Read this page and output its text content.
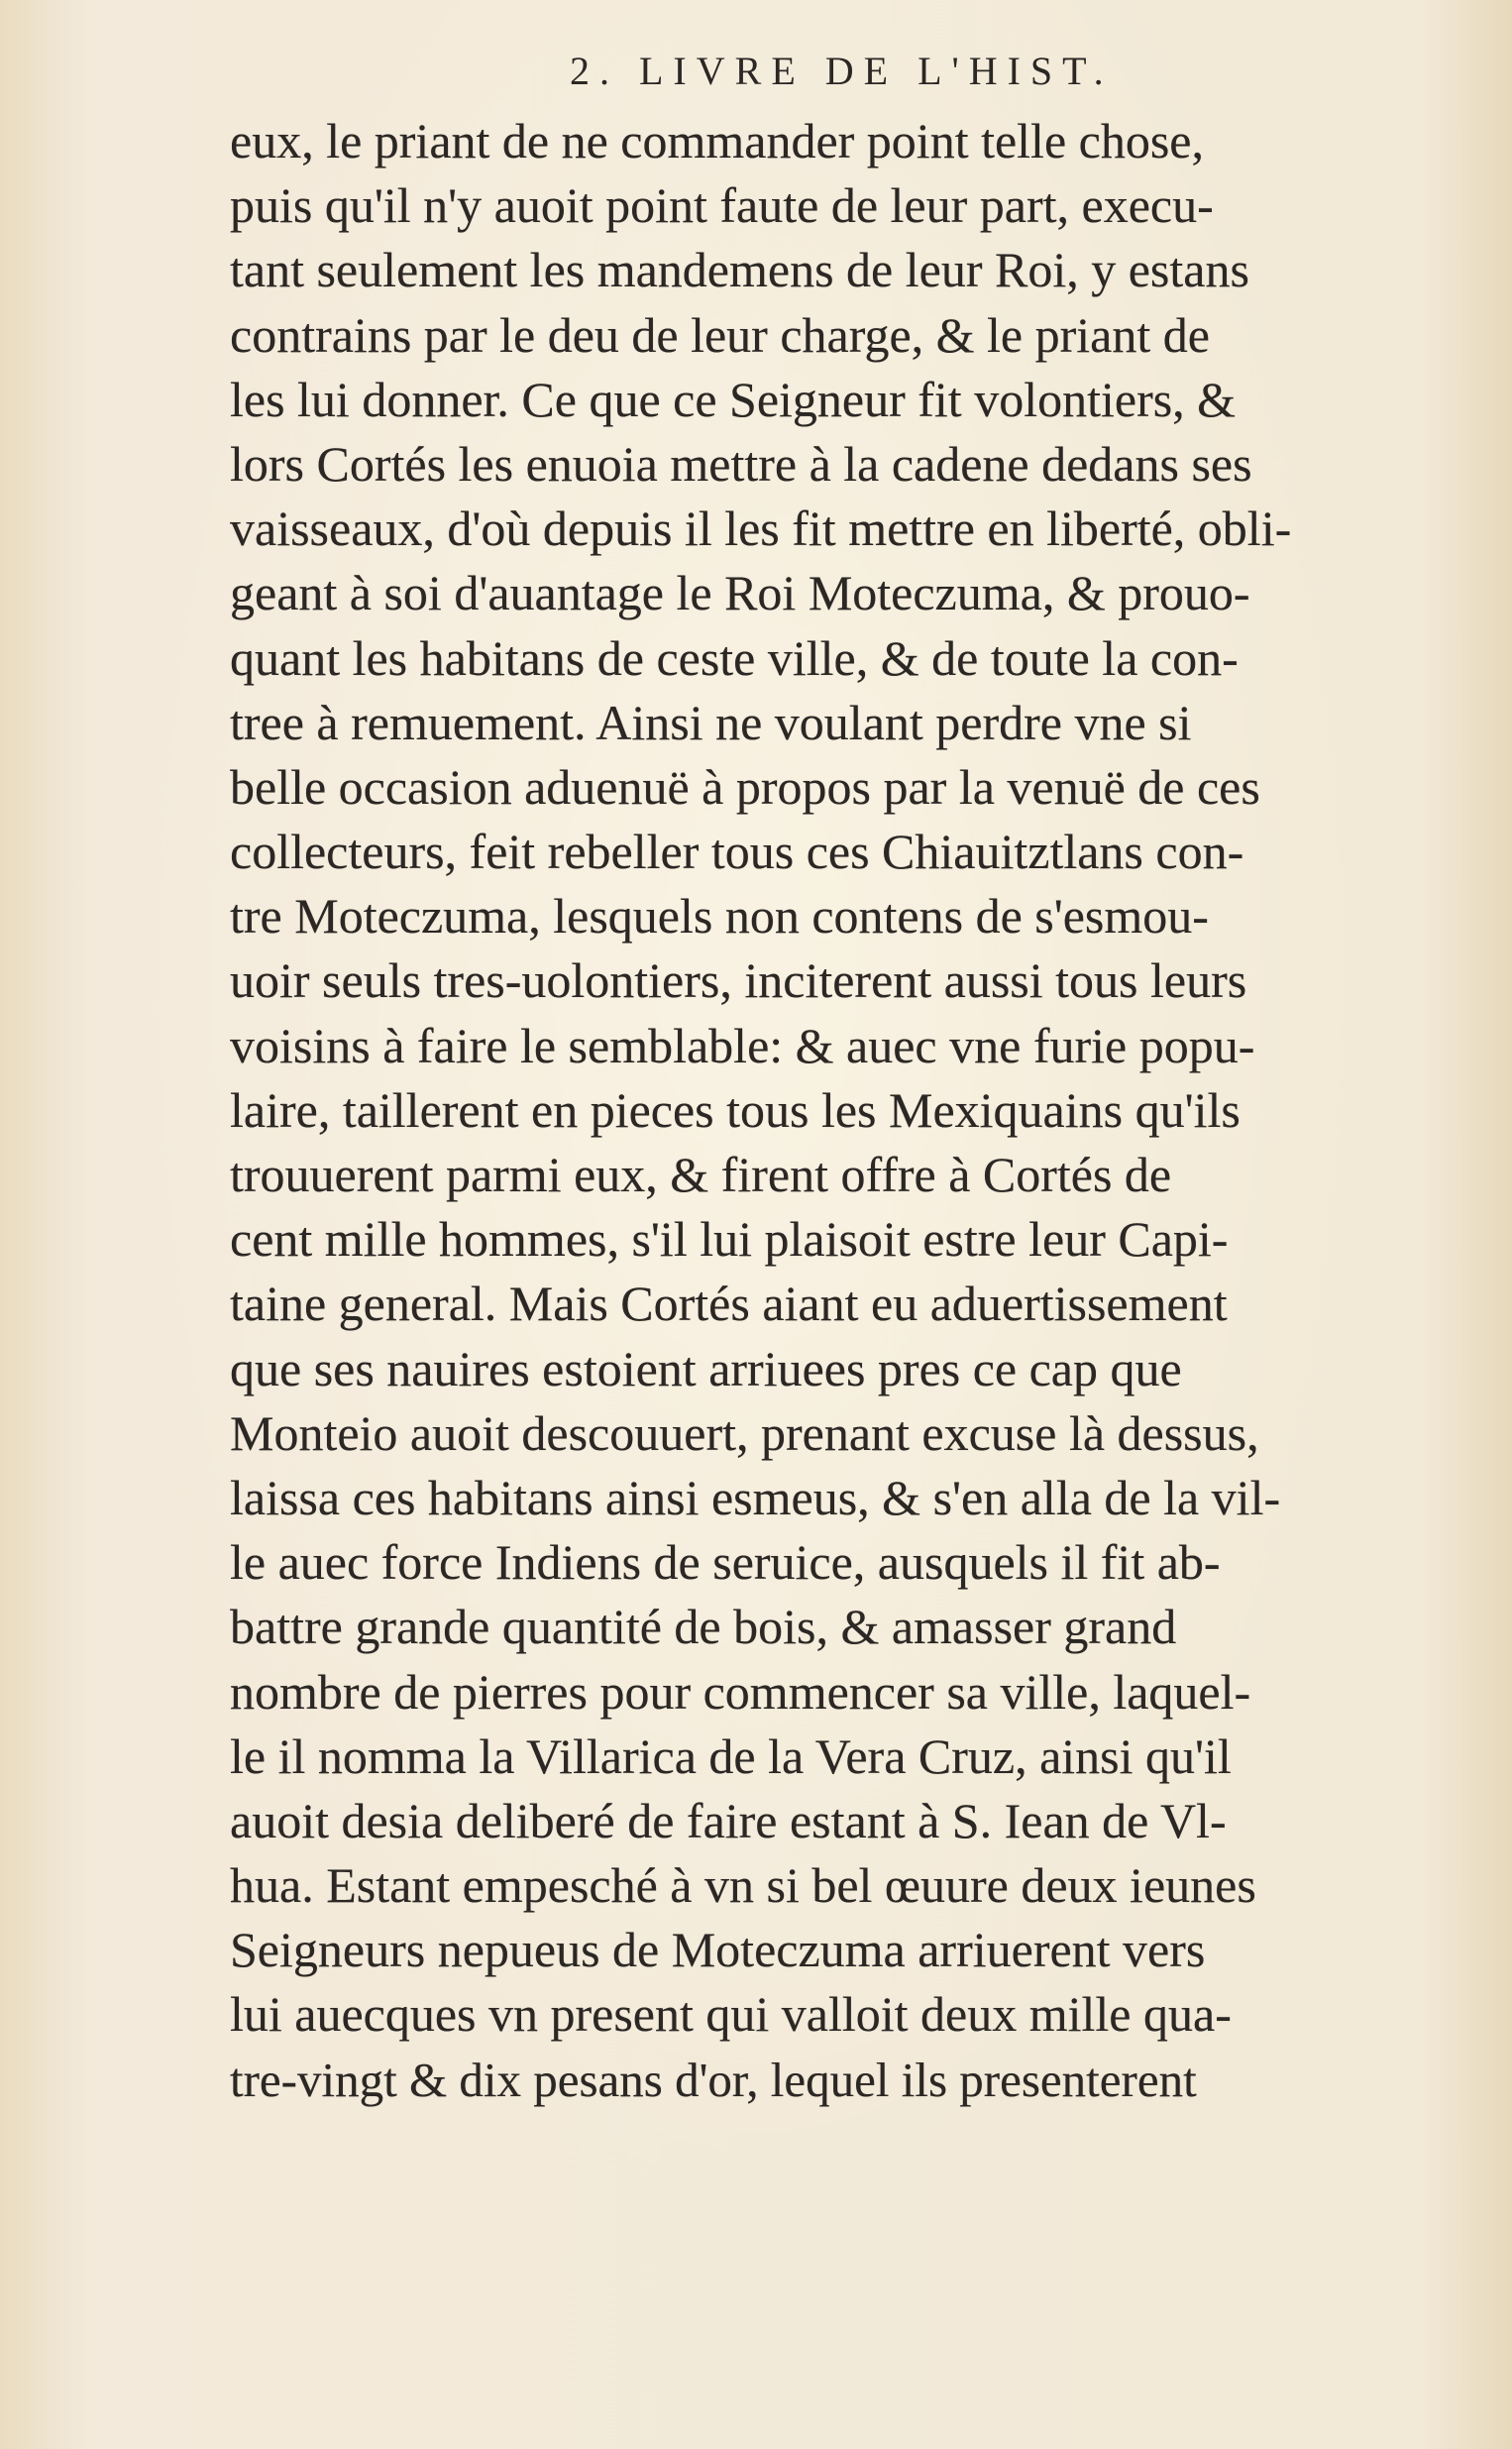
2. LIVRE DE L'HIST.
eux, le priant de ne commander point telle chose,
puis qu'il n'y auoit point faute de leur part, execu-
tant seulement les mandemens de leur Roi, y estans
contrains par le deu de leur charge, & le priant de
les lui donner. Ce que ce Seigneur fit volontiers, &
lors Cortés les enuoia mettre à la cadene dedans ses
vaisseaux, d'où depuis il les fit mettre en liberté, obli-
geant à soi d'auantage le Roi Moteczuma, & prouo-
quant les habitans de ceste ville, & de toute la con-
tree à remuement. Ainsi ne voulant perdre vne si
belle occasion aduenuë à propos par la venuë de ces
collecteurs, feit rebeller tous ces Chiauitztlans con-
tre Moteczuma, lesquels non contens de s'esmou-
uoir seuls tres-uolontiers, inciterent aussi tous leurs
voisins à faire le semblable: & auec vne furie popu-
laire, taillerent en pieces tous les Mexiquains qu'ils
trouuerent parmi eux, & firent offre à Cortés de
cent mille hommes, s'il lui plaisoit estre leur Capi-
taine general. Mais Cortés aiant eu aduertissement
que ses nauires estoient arriuees pres ce cap que
Monteio auoit descouuert, prenant excuse là dessus,
laissa ces habitans ainsi esmeus, & s'en alla de la vil-
le auec force Indiens de seruice, ausquels il fit ab-
battre grande quantité de bois, & amasser grand
nombre de pierres pour commencer sa ville, laquel-
le il nomma la Villarica de la Vera Cruz, ainsi qu'il
auoit desia deliberé de faire estant à S. Iean de Vl-
hua. Estant empesché à vn si bel œuure deux ieunes
Seigneurs nepueus de Moteczuma arriuerent vers
lui auecques vn present qui valloit deux mille qua-
tre-vingt & dix pesans d'or, lequel ils presenterent
